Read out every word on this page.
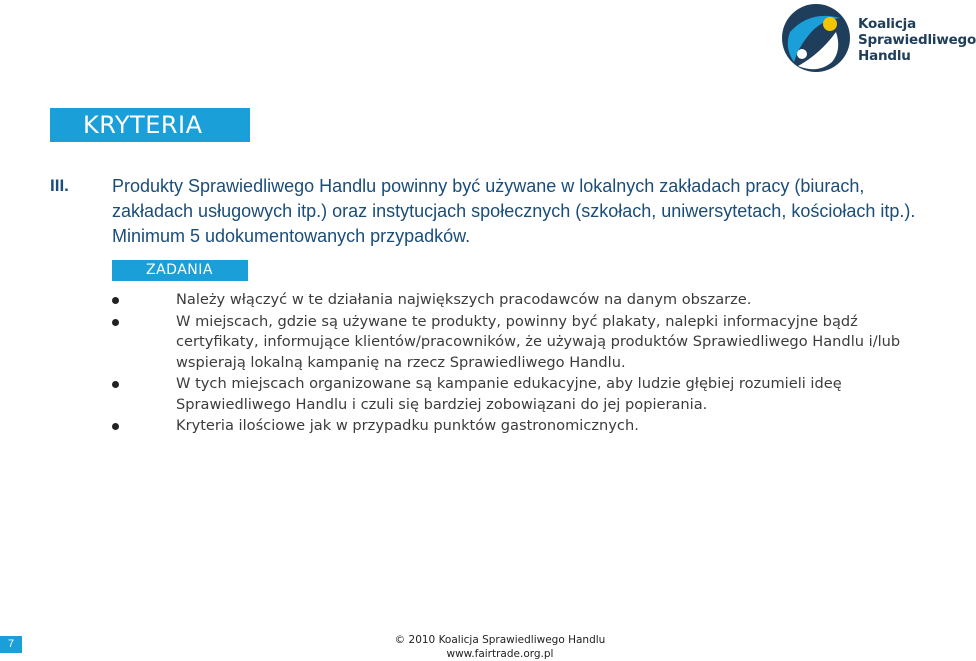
Koalicja
Sprawiedliwego
Handlu
KRYTERIA
III. Produkty Sprawiedliwego Handlu powinny być używane w lokalnych zakładach pracy (biurach, zakładach usługowych itp.) oraz instytucjach społecznych (szkołach, uniwersytetach, kościołach itp.). Minimum 5 udokumentowanych przypadków.
ZADANIA
Należy włączyć w te działania największych pracodawców na danym obszarze.
W miejscach, gdzie są używane te produkty, powinny być plakaty, nalepki informacyjne bądź certyfikaty, informujące klientów/pracowników, że używają produktów Sprawiedliwego Handlu i/lub wspierają lokalną kampanię na rzecz Sprawiedliwego Handlu.
W tych miejscach organizowane są kampanie edukacyjne, aby ludzie głębiej rozumieli ideę Sprawiedliwego Handlu i czuli się bardziej zobowiązani do jej popierania.
Kryteria ilościowe jak w przypadku punktów gastronomicznych.
7	© 2010 Koalicja Sprawiedliwego Handlu
www.fairtrade.org.pl
